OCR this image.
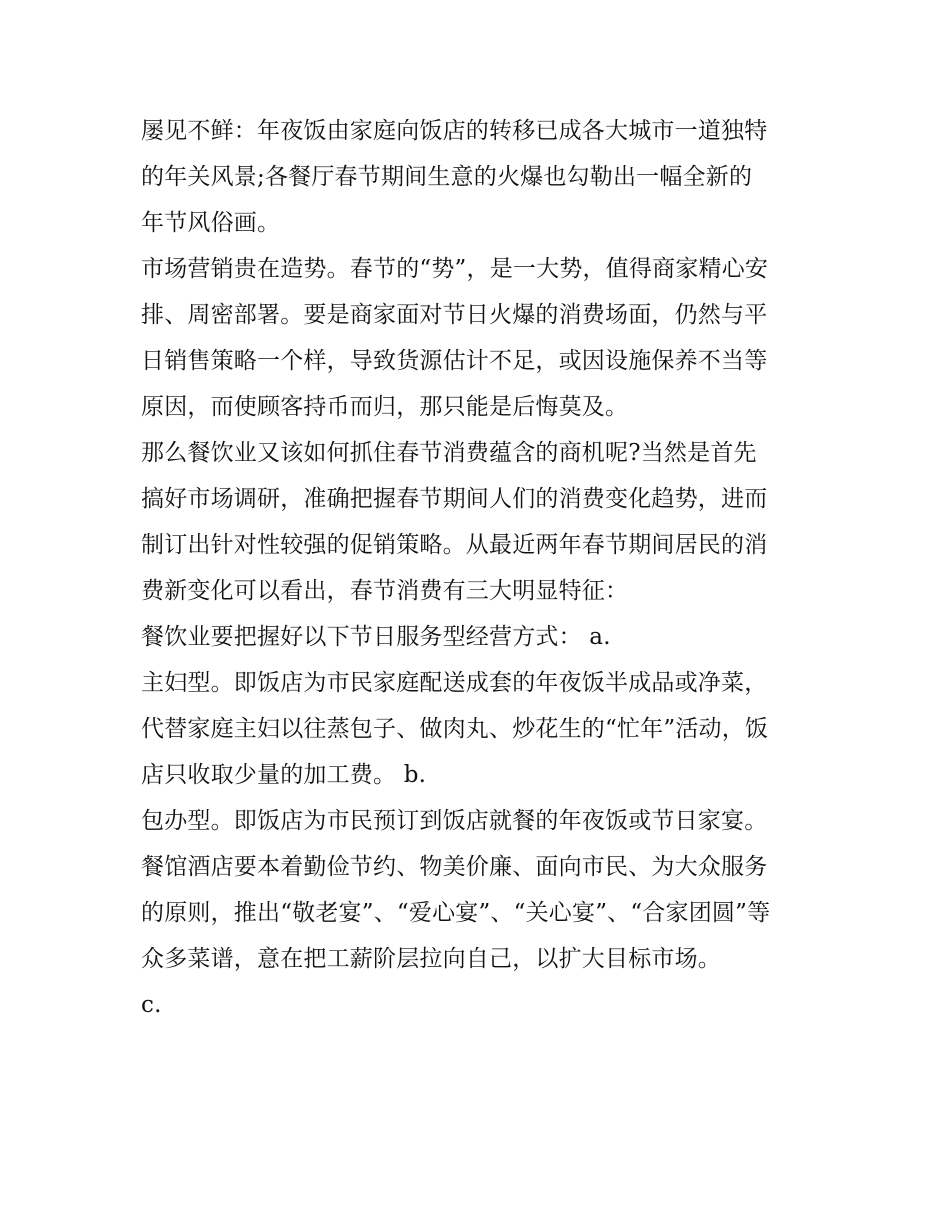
屡见不鲜：年夜饭由家庭向饭店的转移已成各大城市一道独特
的年关风景;各餐厅春节期间生意的火爆也勾勒出一幅全新的
年节风俗画。
市场营销贵在造势。春节的“势”，是一大势，值得商家精心安
排、周密部署。要是商家面对节日火爆的消费场面，仍然与平
日销售策略一个样，导致货源估计不足，或因设施保养不当等
原因，而使顾客持币而归，那只能是后悔莫及。
那么餐饮业又该如何抓住春节消费蕴含的商机呢?当然是首先
搞好市场调研，准确把握春节期间人们的消费变化趋势，进而
制订出针对性较强的促销策略。从最近两年春节期间居民的消
费新变化可以看出，春节消费有三大明显特征：
餐饮业要把握好以下节日服务型经营方式： a.
主妇型。即饭店为市民家庭配送成套的年夜饭半成品或净菜，
代替家庭主妇以往蒸包子、做肉丸、炒花生的“忙年”活动，饭
店只收取少量的加工费。 b.
包办型。即饭店为市民预订到饭店就餐的年夜饭或节日家宴。
餐馆酒店要本着勤俭节约、物美价廉、面向市民、为大众服务
的原则，推出“敬老宴”、“爱心宴”、“关心宴”、“合家团圆”等
众多菜谱，意在把工薪阶层拉向自己，以扩大目标市场。
c.
